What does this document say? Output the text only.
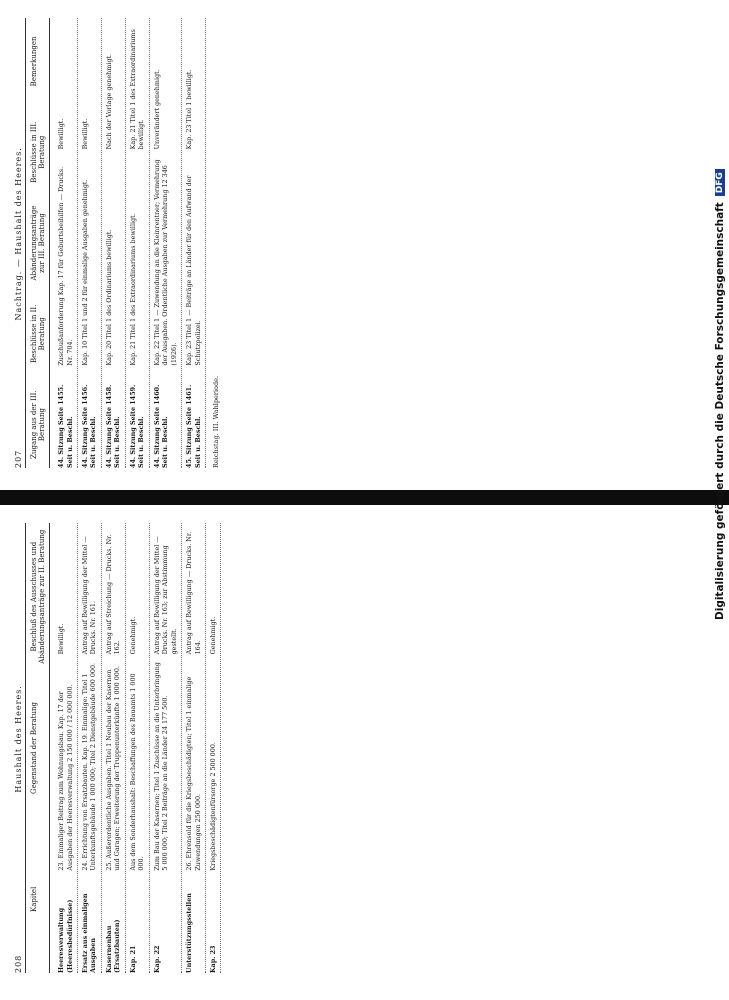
207
Nachtrag. — Haushalt des Heeres.
Zugang aus der III. Beratung
Beschlüsse in II. Beratung
Abänderungsanträge zur III. Beratung
Beschlüsse in III. Beratung
Bemerkungen
44. Sitzung Seite 1455. Seit u. Beschl.
Zuschußanforderung Kap. 17 für Geburtsbeihilfen — Drucks. Nr. 704.
Bewilligt.
44. Sitzung Seite 1456. Seit u. Beschl.
Kap. 10 Titel 1 und 2 für einmalige Ausgaben genehmigt.
Bewilligt.
44. Sitzung Seite 1458. Seit u. Beschl.
Kap. 20 Titel 1 des Ordinariums bewilligt.
Nach der Vorlage genehmigt.
44. Sitzung Seite 1459. Seit u. Beschl.
Kap. 21 Titel 1 des Extraordinariums bewilligt.
Kap. 21 Titel 1 des Extraordinariums bewilligt.
44. Sitzung Seite 1460. Seit u. Beschl.
Kap. 22 Titel 1 — Zuwendung an die Kleinrentner; Vermehrung der Ausgaben. Ordentliche Ausgaben zur Vermehrung 12 346 (1926).
Unverändert genehmigt.
45. Sitzung Seite 1461. Seit u. Beschl.
Kap. 23 Titel 1 — Beiträge an Länder für den Aufwand der Schutzpolizei.
Kap. 23 Titel 1 bewilligt.
Reichstag. III. Wahlperiode.
208
Haushalt des Heeres.
Kapitel
Gegenstand der Beratung
Beschluß des Ausschusses und Abänderungsanträge zur II. Beratung
Heeresverwaltung (Heeresbedürfnisse)
23. Einmaliger Beitrag zum Wohnungsbau. Kap. 17 der Ausgaben der Heeresverwaltung 2 150 000 / 12 000 000.
Bewilligt.
Ersatz aus einmaligen Ausgaben
24. Errichtung von Ersatzbauten. Kap. 19. Einmalige: Titel 1 Unterkunftsgebäude 1 000 000; Titel 2 Dienstgebäude 600 000.
Antrag auf Bewilligung der Mittel — Drucks. Nr. 161.
Kasernenbau (Ersatzbauten)
25. Außerordentliche Ausgaben. Titel 1 Neubau der Kasernen und Garagen; Erweiterung der Truppenunterkünfte 1 000 000.
Antrag auf Streichung — Drucks. Nr. 162.
Kap. 21
Aus dem Sonderhaushalt: Beschaffungen des Bauamts 1 000 000.
Genehmigt.
Kap. 22
Zum Bau der Kasernen; Titel 1 Zuschüsse an die Unterbringung 5 000 000; Titel 2 Beiträge an die Länder 24 177 500.
Antrag auf Bewilligung der Mittel — Drucks. Nr. 163; zur Abstimmung gestellt.
Unterstützungsstellen
26. Ehrensold für die Kriegsbeschädigten; Titel 1 einmalige Zuwendungen 250 000.
Antrag auf Bewilligung — Drucks. Nr. 164.
Kap. 23
Kriegsbeschädigtenfürsorge 2 500 000.
Genehmigt.
Digitalisierung gefördert durch die Deutsche Forschungsgemeinschaft
DFG
